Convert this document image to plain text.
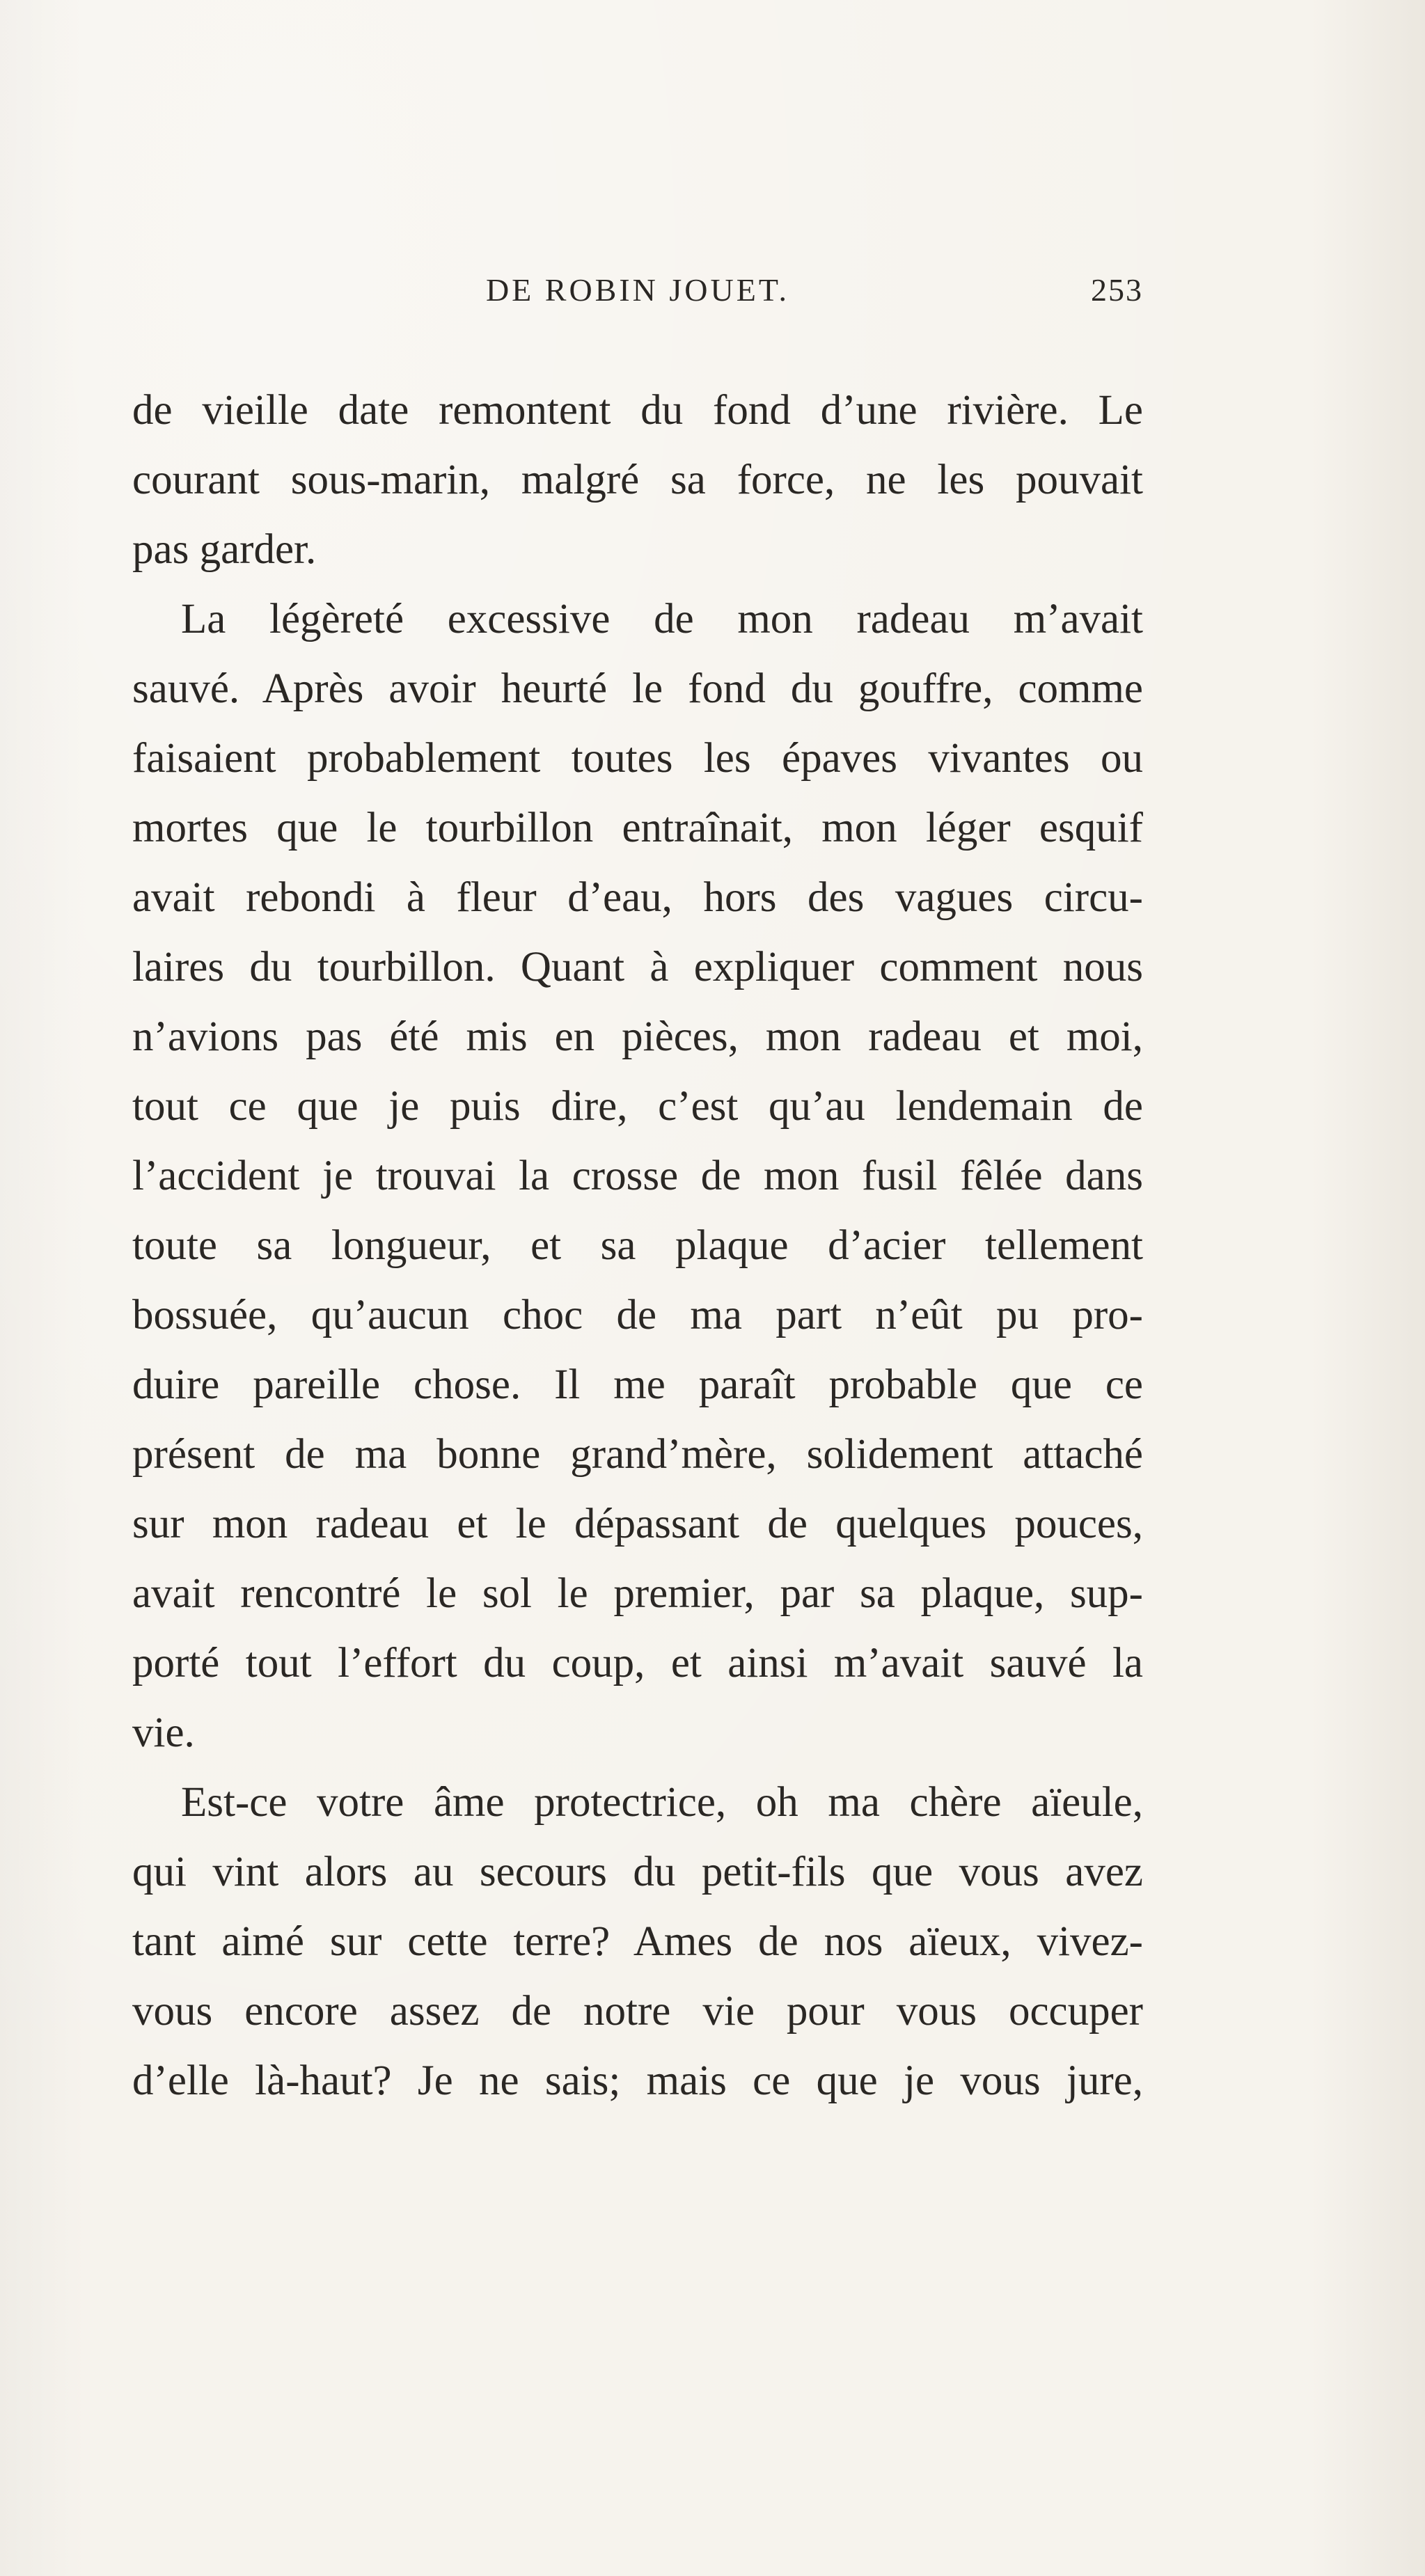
DE ROBIN JOUET.	253
de vieille date remontent du fond d’une rivière. Le
courant sous-marin, malgré sa force, ne les pouvait
pas garder.
La légèreté excessive de mon radeau m’avait
sauvé. Après avoir heurté le fond du gouffre, comme
faisaient probablement toutes les épaves vivantes ou
mortes que le tourbillon entraînait, mon léger esquif
avait rebondi à fleur d’eau, hors des vagues circu-
laires du tourbillon. Quant à expliquer comment nous
n’avions pas été mis en pièces, mon radeau et moi,
tout ce que je puis dire, c’est qu’au lendemain de
l’accident je trouvai la crosse de mon fusil fêlée dans
toute sa longueur, et sa plaque d’acier tellement
bossuée, qu’aucun choc de ma part n’eût pu pro-
duire pareille chose. Il me paraît probable que ce
présent de ma bonne grand’mère, solidement attaché
sur mon radeau et le dépassant de quelques pouces,
avait rencontré le sol le premier, par sa plaque, sup-
porté tout l’effort du coup, et ainsi m’avait sauvé la
vie.
Est-ce votre âme protectrice, oh ma chère aïeule,
qui vint alors au secours du petit-fils que vous avez
tant aimé sur cette terre? Ames de nos aïeux, vivez-
vous encore assez de notre vie pour vous occuper
d’elle là-haut? Je ne sais; mais ce que je vous jure,
